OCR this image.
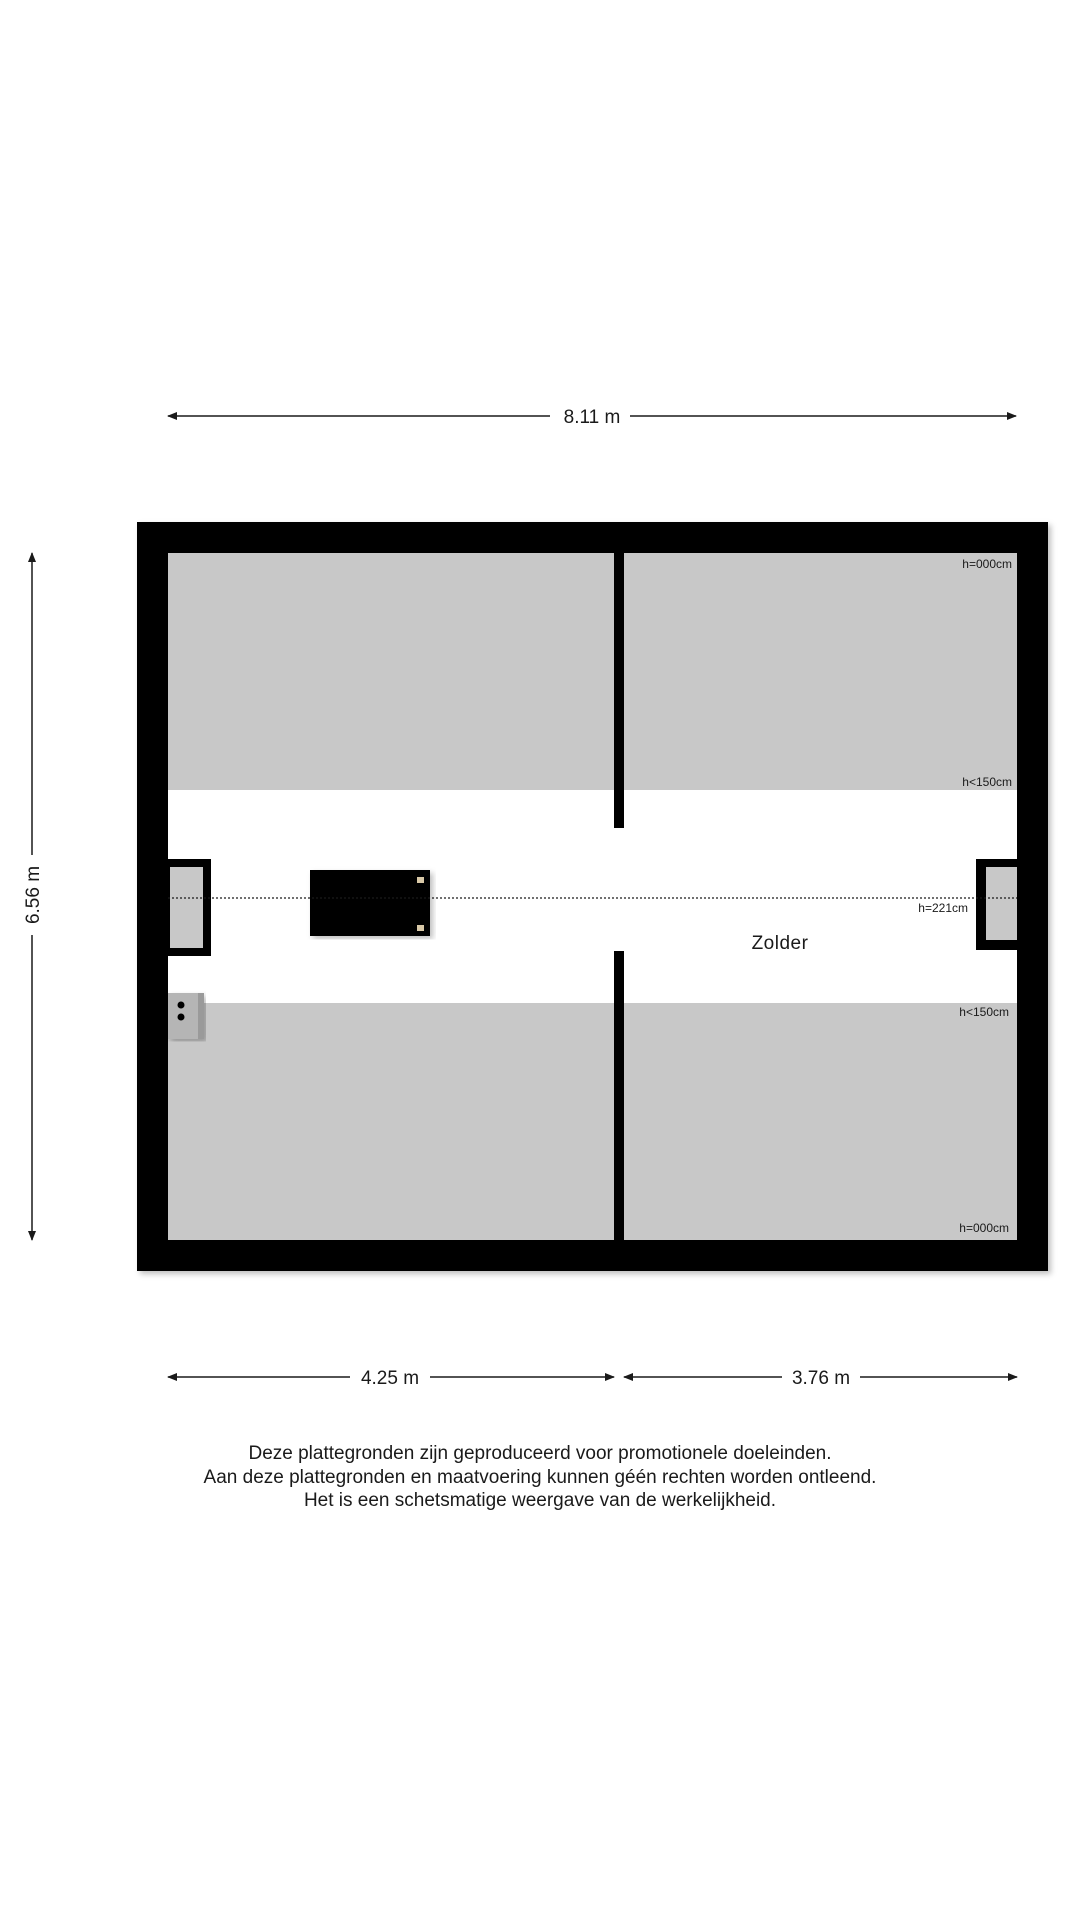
8.11 m
6.56 m
h=000cm
h<150cm
h=221cm
h<150cm
h=000cm
Zolder
4.25 m	3.76 m
Deze plattegronden zijn geproduceerd voor promotionele doeleinden.
Aan deze plattegronden en maatvoering kunnen géén rechten worden ontleend.
Het is een schetsmatige weergave van de werkelijkheid.
